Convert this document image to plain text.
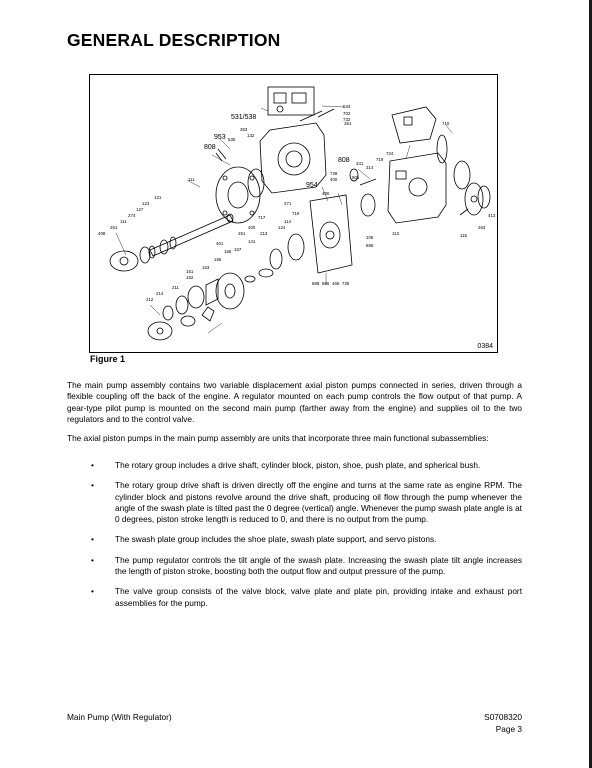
GENERAL DESCRIPTION
531/538
534
702
732
351
353
132
953
808
535
808 341
710
728
954
400	901
314
719
724
111
271
413
408
261
111
274
127
123
121
490
717
719
114
106
113	115
263
400
251	213
124
886
401
157
141
165
156
153
151
152
211
214
212
888 886 466 728
0384
Figure 1

The main pump assembly contains two variable displacement axial piston pumps connected in series, driven through a flexible coupling off the back of the engine. A regulator mounted on each pump controls the flow output of that pump. A gear-type pilot pump is mounted on the second main pump (farther away from the engine) and supplies oil to the two regulators and to the control valve.

The axial piston pumps in the main pump assembly are units that incorporate three main functional subassemblies:

•	The rotary group includes a drive shaft, cylinder block, piston, shoe, push plate, and spherical bush.
•	The rotary group drive shaft is driven directly off the engine and turns at the same rate as engine RPM. The cylinder block and pistons revolve around the drive shaft, producing oil flow through the pump whenever the angle of the swash plate is tilted past the 0 degree (vertical) angle. Whenever the pump swash plate angle is at 0 degrees, piston stroke length is reduced to 0, and there is no output from the pump.
•	The swash plate group includes the shoe plate, swash plate support, and servo pistons.
•	The pump regulator controls the tilt angle of the swash plate. Increasing the swash plate tilt angle increases the length of piston stroke, boosting both the output flow and output pressure of the pump.
•	The valve group consists of the valve block, valve plate and plate pin, providing intake and exhaust port assemblies for the pump.
Main Pump (With Regulator)	S0708320
Page 3
